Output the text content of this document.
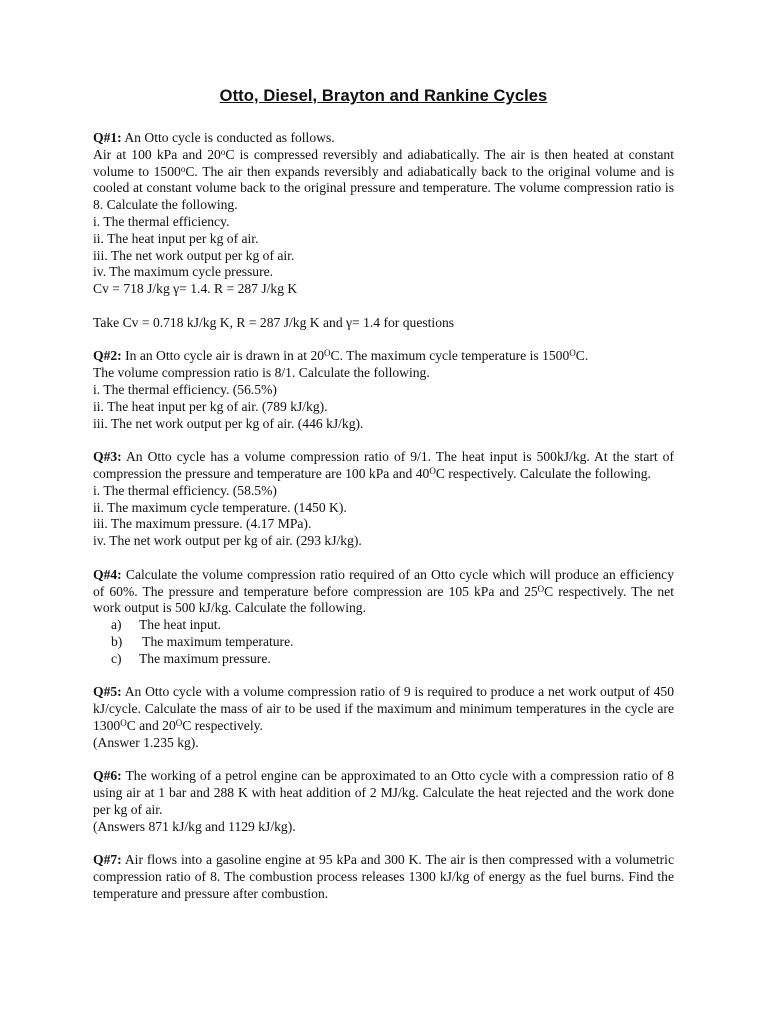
Otto, Diesel, Brayton and Rankine Cycles

Q#1: An Otto cycle is conducted as follows.

Air at 100 kPa and 20$^o$C is compressed reversibly and adiabatically. The air is then heated at constant volume to 1500$^o$C. The air then expands reversibly and adiabatically back to the original volume and is cooled at constant volume back to the original pressure and temperature. The volume compression ratio is 8. Calculate the following.

i. The thermal efficiency.

ii. The heat input per kg of air.

iii. The net work output per kg of air.

iv. The maximum cycle pressure.

Cv = 718 J/kg γ= 1.4. R = 287 J/kg K

Take Cv = 0.718 kJ/kg K, R = 287 J/kg K and γ= 1.4 for questions

Q#2: In an Otto cycle air is drawn in at $20^OC$. The maximum cycle temperature is $1500^OC$.

The volume compression ratio is 8/1. Calculate the following.

i. The thermal efficiency. (56.5%)

ii. The heat input per kg of air. (789 kJ/kg).

iii. The net work output per kg of air. (446 kJ/kg).

Q#3: An Otto cycle has a volume compression ratio of 9/1. The heat input is 500kJ/kg. At the start of compression the pressure and temperature are 100 kPa and $40^OC$ respectively. Calculate the following.

i. The thermal efficiency. (58.5%)

ii. The maximum cycle temperature. (1450 K).

iii. The maximum pressure. (4.17 MPa).

iv. The net work output per kg of air. (293 kJ/kg).

Q#4: Calculate the volume compression ratio required of an Otto cycle which will produce an efficiency of 60%. The pressure and temperature before compression are 105 kPa and $25^OC$ respectively. The net work output is 500 kJ/kg. Calculate the following.

a) The heat input.

b) The maximum temperature.

c) The maximum pressure.

Q#5: An Otto cycle with a volume compression ratio of 9 is required to produce a net work output of 450 kJ/cycle. Calculate the mass of air to be used if the maximum and minimum temperatures in the cycle are $1300^OC$ and $20^OC$ respectively.

(Answer 1.235 kg).

Q#6: The working of a petrol engine can be approximated to an Otto cycle with a compression ratio of 8 using air at 1 bar and 288 K with heat addition of 2 MJ/kg. Calculate the heat rejected and the work done per kg of air.

(Answers 871 kJ/kg and 1129 kJ/kg).

Q#7: Air flows into a gasoline engine at 95 kPa and 300 K. The air is then compressed with a volumetric compression ratio of 8. The combustion process releases 1300 kJ/kg of energy as the fuel burns. Find the temperature and pressure after combustion.
